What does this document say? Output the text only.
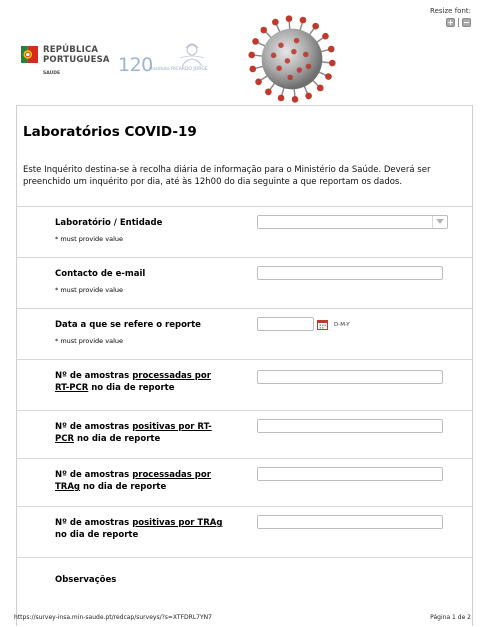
Resize font:
+ −
REPÚBLICA
PORTUGUESA
SAÚDE	120
Instituto RICARDO JORGE
Laboratórios COVID-19
Este Inquérito destina-se à recolha diária de informação para o Ministério da Saúde. Deverá ser preenchido um inquérito por dia, até às 12h00 do dia seguinte a que reportam os dados.
Laboratório / Entidade
* must provide value
Contacto de e-mail
* must provide value
Data a que se refere o reporte
* must provide value
D-M-Y
Nº de amostras processadas por RT-PCR no dia de reporte
Nº de amostras positivas por RT-PCR no dia de reporte
Nº de amostras processadas por TRAg no dia de reporte
Nº de amostras positivas por TRAg no dia de reporte
Observações
https://survey-insa.min-saude.pt/redcap/surveys/?s=XTFDRL7YN7	Página 1 de 2
